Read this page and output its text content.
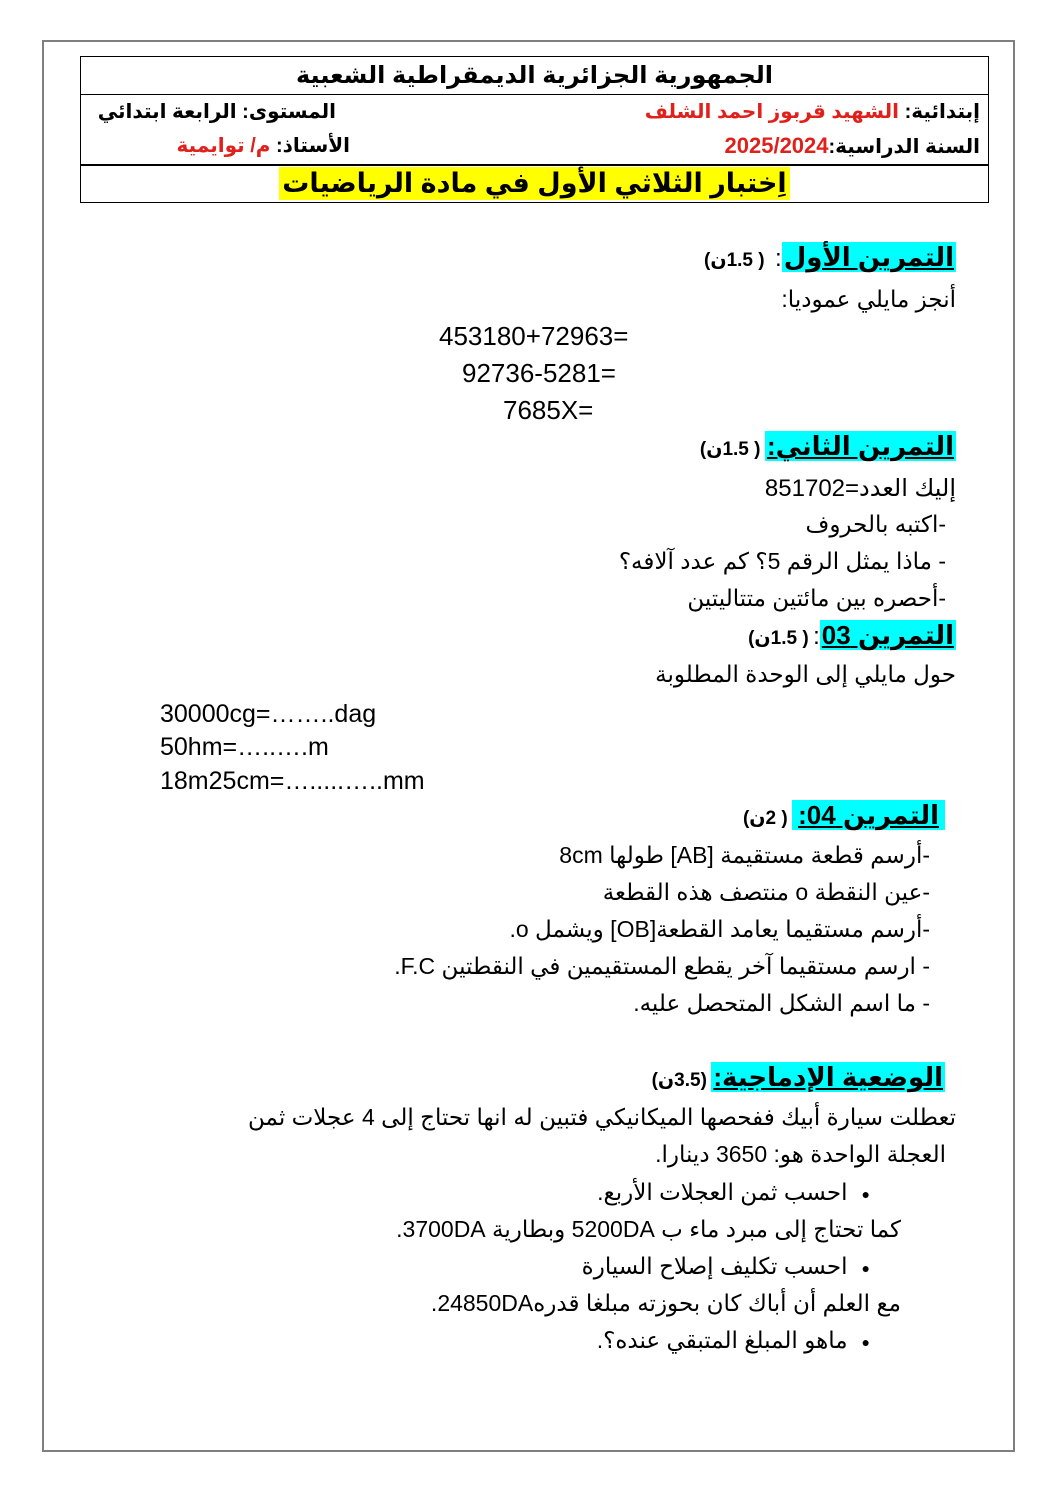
الجمهورية الجزائرية الديمقراطية الشعبية
إبتدائية: الشهيد قربوز احمد الشلف
السنة الدراسية:2025/2024
المستوى: الرابعة ابتدائي
الأستاذ: م/ توايمية
اِختبار الثلاثي الأول في مادة الرياضيات
التمرين الأول: ( 1.5ن)
أنجز مايلي عموديا:
453180+72963=
92736-5281=
7685X=
التمرين الثاني: ( 1.5ن)
إليك العدد=851702
-اكتبه بالحروف
- ماذا يمثل الرقم 5؟ كم عدد آلافه؟
-أحصره بين مائتين متتاليتين
التمرين 03: ( 1.5ن)
حول مايلي إلى الوحدة المطلوبة
30000cg=……..dag
50hm=…..….m
18m25cm=….....…..mm
التمرين 04: ( 2ن)
-أرسم قطعة مستقيمة [AB] طولها 8cm
-عين النقطة o منتصف هذه القطعة
-أرسم مستقيما يعامد القطعة[OB] ويشمل o.
- ارسم مستقيما آخر يقطع المستقيمين في النقطتين F.C.
- ما اسم الشكل المتحصل عليه.
الوضعية الإدماجية: (3.5ن)
تعطلت سيارة أبيك ففحصها الميكانيكي فتبين له انها تحتاج إلى 4 عجلات ثمن
العجلة الواحدة هو: 3650 دينارا.
● احسب ثمن العجلات الأربع.
كما تحتاج إلى مبرد ماء ب 5200DA وبطارية 3700DA.
● احسب تكليف إصلاح السيارة
مع العلم أن أباك كان بحوزته مبلغا قدره24850DA.
● ماهو المبلغ المتبقي عنده؟.
